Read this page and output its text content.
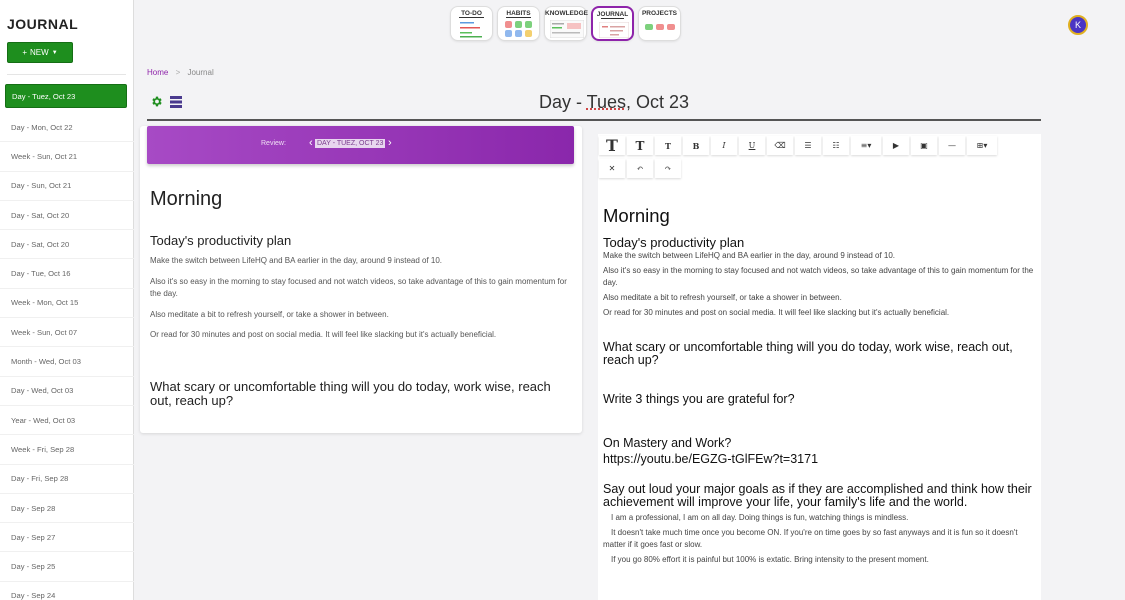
JOURNAL
+ NEW ▼
Day - Tuez, Oct 23
Day - Mon, Oct 22
Week - Sun, Oct 21
Day - Sun, Oct 21
Day - Sat, Oct 20
Day - Sat, Oct 20
Day - Tue, Oct 16
Week - Mon, Oct 15
Week - Sun, Oct 07
Month - Wed, Oct 03
Day - Wed, Oct 03
Year - Wed, Oct 03
Week - Fri, Sep 28
Day - Fri, Sep 28
Day - Sep 28
Day - Sep 27
Day - Sep 25
Day - Sep 24
TO-DO	HABITS	KNOWLEDGE	JOURNAL	PROJECTS
K
Home > Journal
Day - Tues, Oct 23
Review: ‹ DAY - TUEZ, OCT 23 ›
Morning
Today's productivity plan

Make the switch between LifeHQ and BA earlier in the day, around 9 instead of 10.

Also it's so easy in the morning to stay focused and not watch videos, so take advantage of this to gain momentum for the day.

Also meditate a bit to refresh yourself, or take a shower in between.

Or read for 30 minutes and post on social media. It will feel like slacking but it's actually beneficial.

What scary or uncomfortable thing will you do today, work wise, reach out, reach up?
T	T	T	B	I	U	⌫	☰	☷	≡▾	▶	▣	—	⊞▾
✕	↶	↷
Morning
Today's productivity plan

Make the switch between LifeHQ and BA earlier in the day, around 9 instead of 10.

Also it's so easy in the morning to stay focused and not watch videos, so take advantage of this to gain momentum for the day.

Also meditate a bit to refresh yourself, or take a shower in between.

Or read for 30 minutes and post on social media. It will feel like slacking but it's actually beneficial.

What scary or uncomfortable thing will you do today, work wise, reach out, reach up?
Write 3 things you are grateful for?
On Mastery and Work?
https://youtu.be/EGZG-tGlFEw?t=3171
Say out loud your major goals as if they are accomplished and think how their achievement will improve your life, your family's life and the world.

I am a professional, I am on all day. Doing things is fun, watching things is mindless.

It doesn't take much time once you become ON. If you're on time goes by so fast anyways and it is fun so it doesn't matter if it goes fast or slow.

If you go 80% effort it is painful but 100% is extatic. Bring intensity to the present moment.
